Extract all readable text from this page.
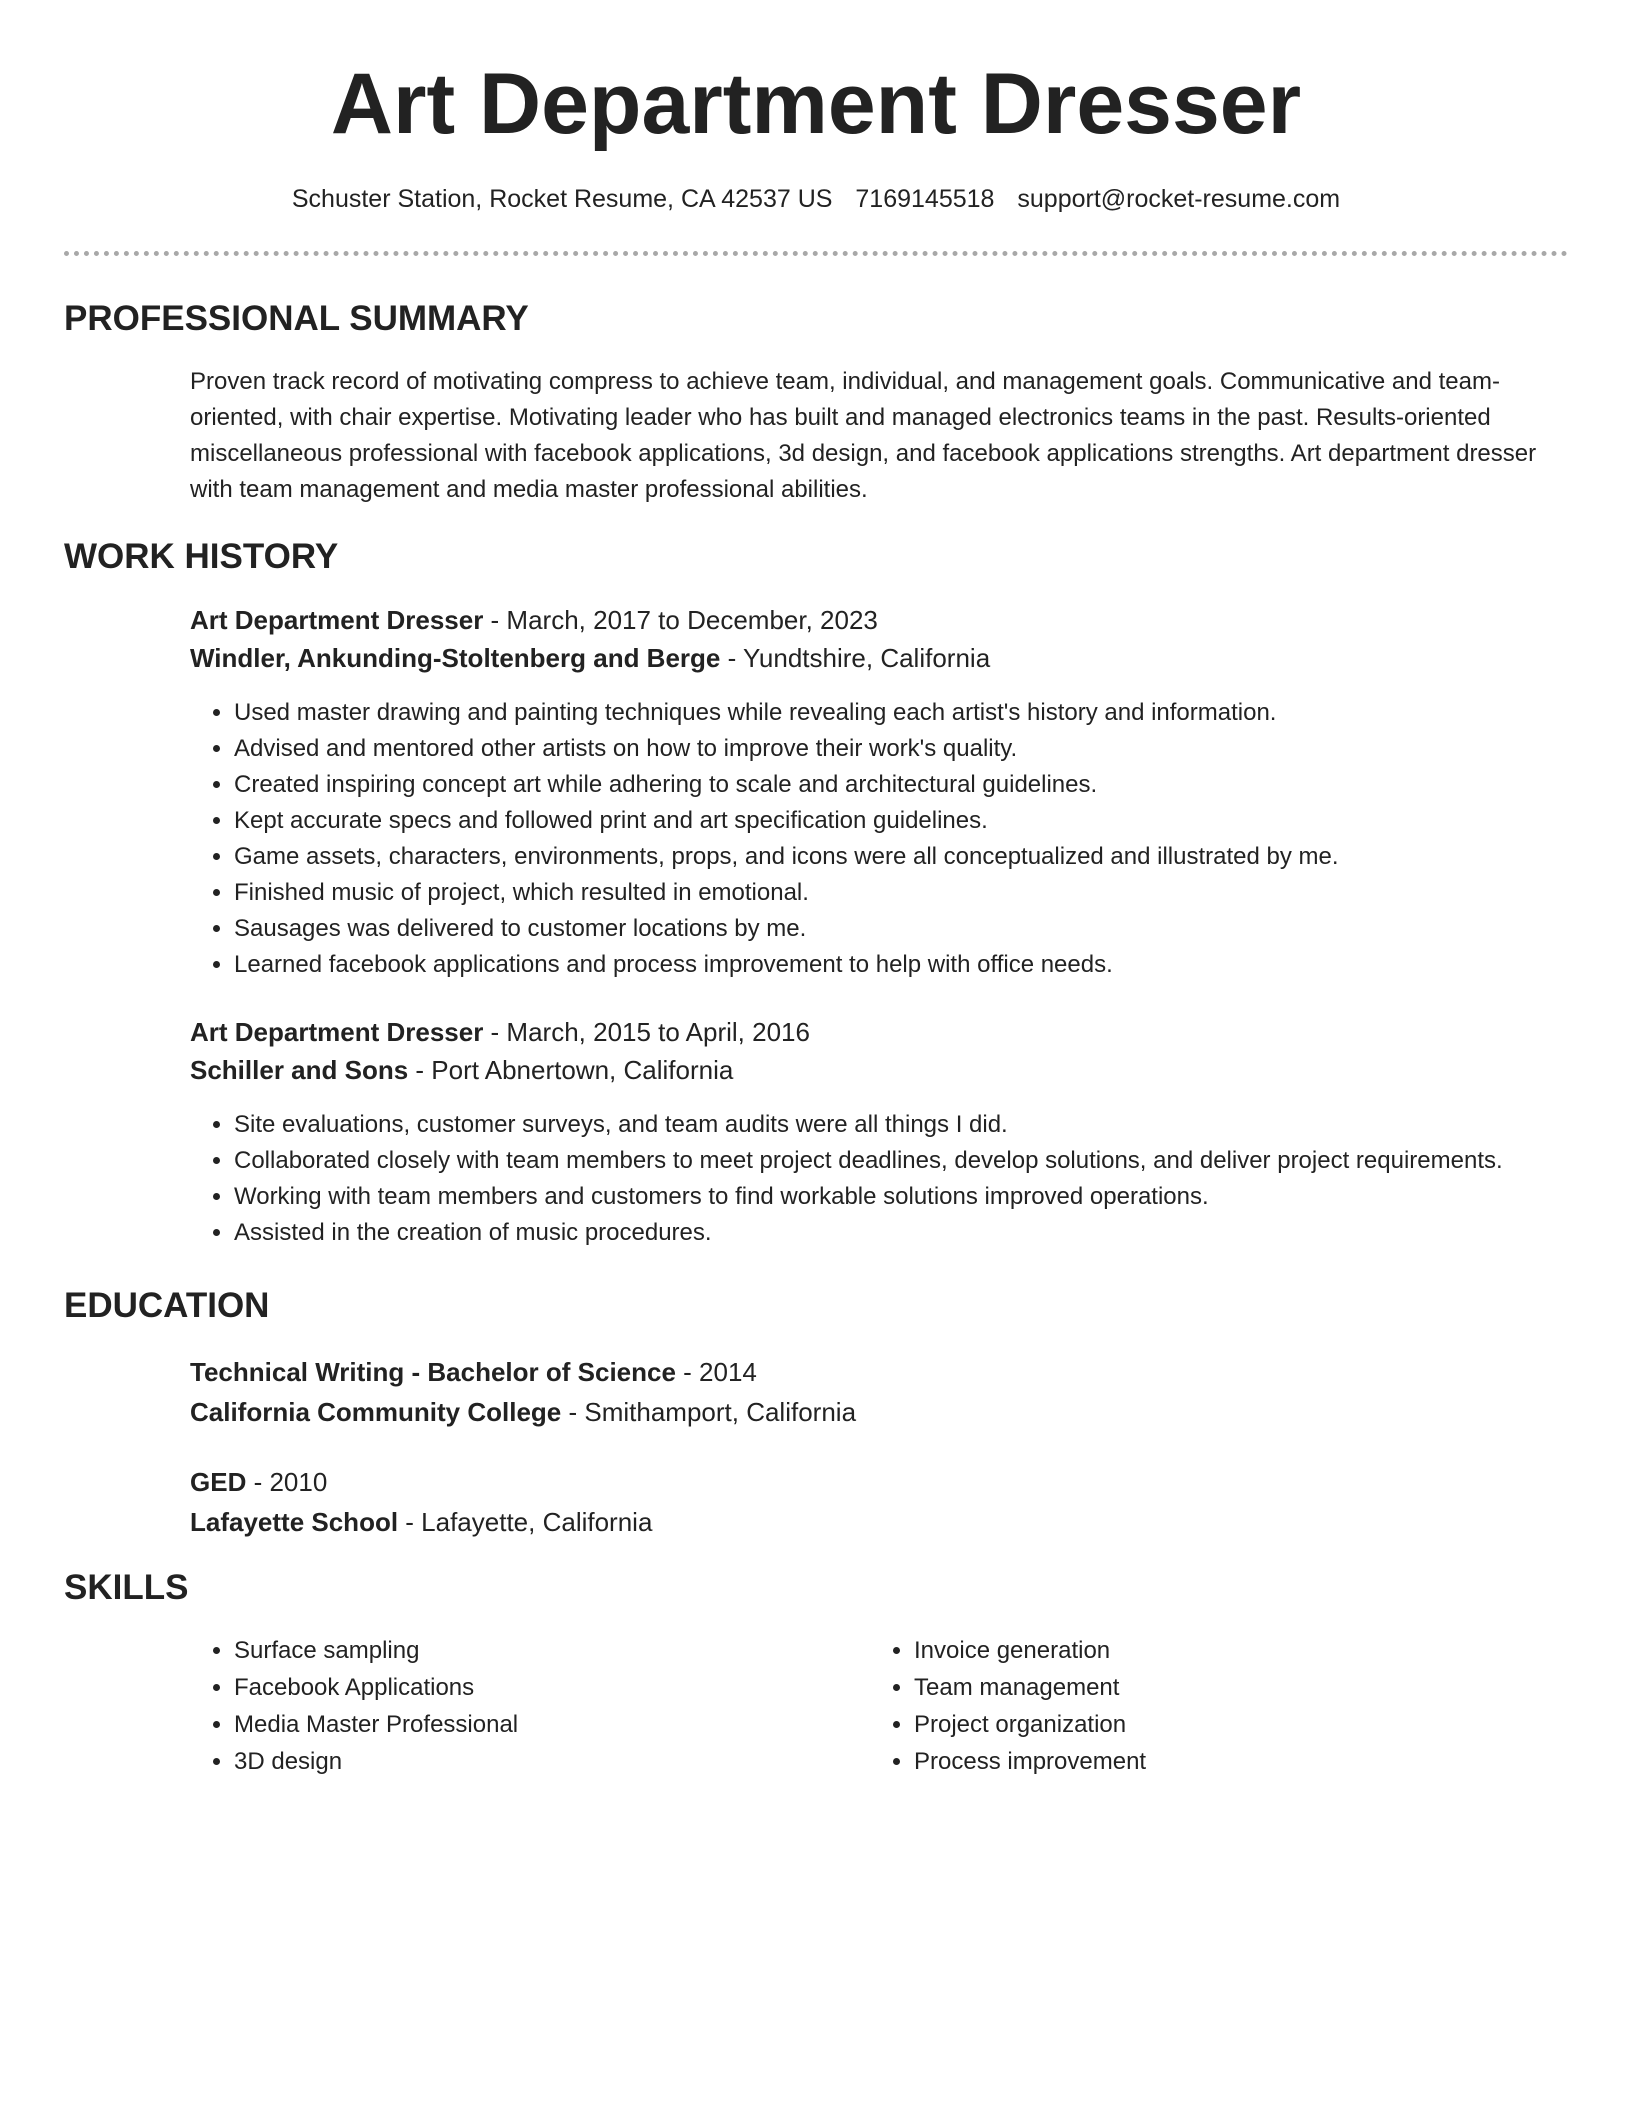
Art Department Dresser
Schuster Station, Rocket Resume, CA 42537 US 7169145518 support@rocket-resume.com
PROFESSIONAL SUMMARY
Proven track record of motivating compress to achieve team, individual, and management goals. Communicative and team-oriented, with chair expertise. Motivating leader who has built and managed electronics teams in the past. Results-oriented miscellaneous professional with facebook applications, 3d design, and facebook applications strengths. Art department dresser with team management and media master professional abilities.
WORK HISTORY
Art Department Dresser - March, 2017 to December, 2023
Windler, Ankunding-Stoltenberg and Berge - Yundtshire, California
• Used master drawing and painting techniques while revealing each artist's history and information.
• Advised and mentored other artists on how to improve their work's quality.
• Created inspiring concept art while adhering to scale and architectural guidelines.
• Kept accurate specs and followed print and art specification guidelines.
• Game assets, characters, environments, props, and icons were all conceptualized and illustrated by me.
• Finished music of project, which resulted in emotional.
• Sausages was delivered to customer locations by me.
• Learned facebook applications and process improvement to help with office needs.
Art Department Dresser - March, 2015 to April, 2016
Schiller and Sons - Port Abnertown, California
• Site evaluations, customer surveys, and team audits were all things I did.
• Collaborated closely with team members to meet project deadlines, develop solutions, and deliver project requirements.
• Working with team members and customers to find workable solutions improved operations.
• Assisted in the creation of music procedures.
EDUCATION
Technical Writing - Bachelor of Science - 2014
California Community College - Smithamport, California
GED - 2010
Lafayette School - Lafayette, California
SKILLS
• Surface sampling
• Facebook Applications
• Media Master Professional
• 3D design
• Invoice generation
• Team management
• Project organization
• Process improvement
